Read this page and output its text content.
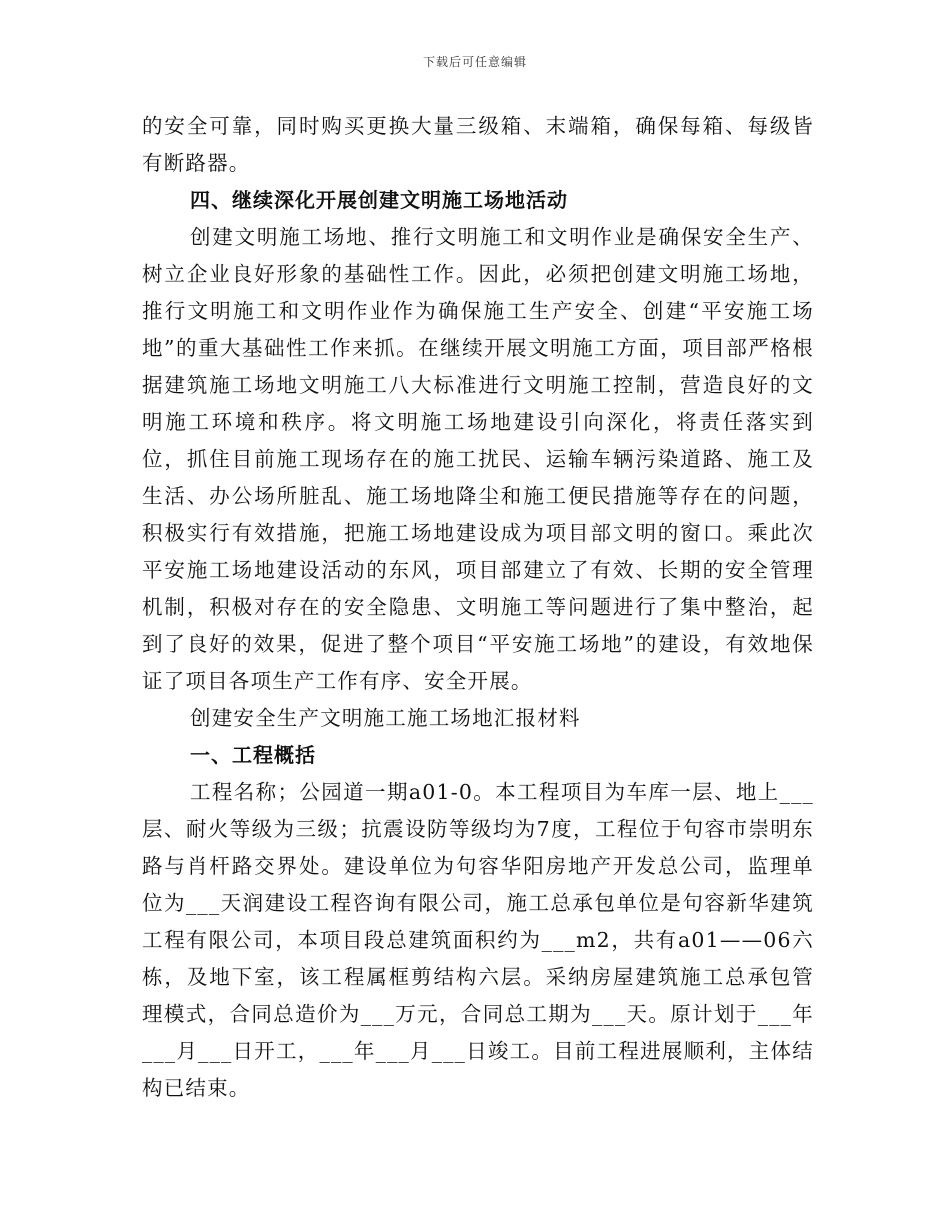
下载后可任意编辑

的安全可靠，同时购买更换大量三级箱、末端箱，确保每箱、每级皆有断路器。

四、继续深化开展创建文明施工场地活动

创建文明施工场地、推行文明施工和文明作业是确保安全生产、树立企业良好形象的基础性工作。因此，必须把创建文明施工场地，推行文明施工和文明作业作为确保施工生产安全、创建“平安施工场地”的重大基础性工作来抓。在继续开展文明施工方面，项目部严格根据建筑施工场地文明施工八大标准进行文明施工控制，营造良好的文明施工环境和秩序。将文明施工场地建设引向深化，将责任落实到位，抓住目前施工现场存在的施工扰民、运输车辆污染道路、施工及生活、办公场所脏乱、施工场地降尘和施工便民措施等存在的问题，积极实行有效措施，把施工场地建设成为项目部文明的窗口。乘此次平安施工场地建设活动的东风，项目部建立了有效、长期的安全管理机制，积极对存在的安全隐患、文明施工等问题进行了集中整治，起到了良好的效果，促进了整个项目“平安施工场地”的建设，有效地保证了项目各项生产工作有序、安全开展。

创建安全生产文明施工施工场地汇报材料

一、工程概括

工程名称；公园道一期a01-0。本工程项目为车库一层、地上___层、耐火等级为三级；抗震设防等级均为7度，工程位于句容市崇明东路与肖杆路交界处。建设单位为句容华阳房地产开发总公司，监理单位为___天润建设工程咨询有限公司，施工总承包单位是句容新华建筑工程有限公司，本项目段总建筑面积约为___m2，共有a01——06六栋，及地下室，该工程属框剪结构六层。采纳房屋建筑施工总承包管理模式，合同总造价为___万元，合同总工期为___天。原计划于___年___月___日开工，___年___月___日竣工。目前工程进展顺利，主体结构已结束。
